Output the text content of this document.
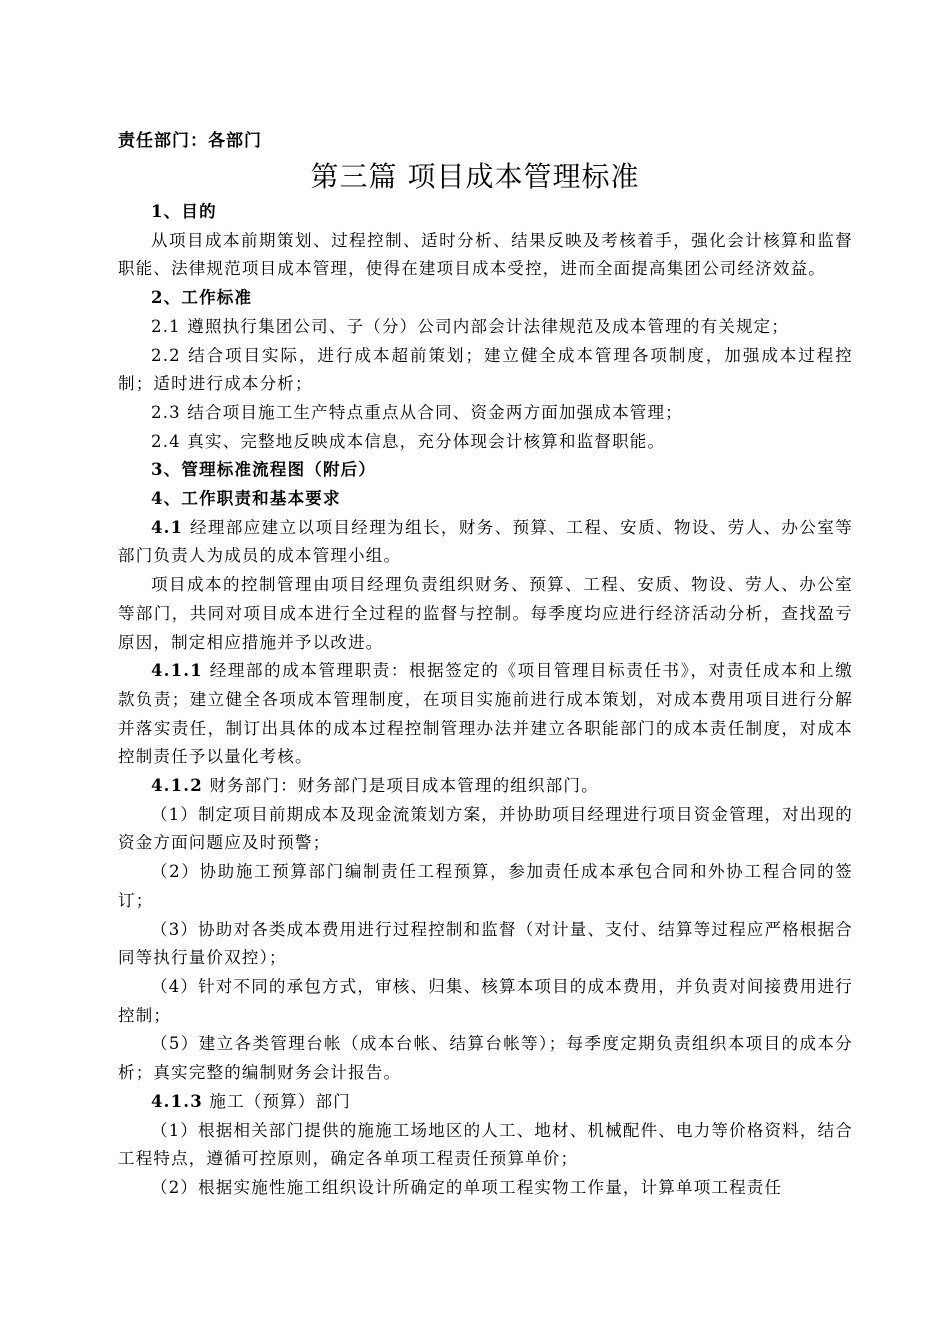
责任部门：各部门
第三篇 项目成本管理标准

1、目的

从项目成本前期策划、过程控制、适时分析、结果反映及考核着手，强化会计核算和监督职能、法律规范项目成本管理，使得在建项目成本受控，进而全面提高集团公司经济效益。

2、工作标准

2.1 遵照执行集团公司、子（分）公司内部会计法律规范及成本管理的有关规定；

2.2 结合项目实际，进行成本超前策划；建立健全成本管理各项制度，加强成本过程控制；适时进行成本分析；

2.3 结合项目施工生产特点重点从合同、资金两方面加强成本管理；

2.4 真实、完整地反映成本信息，充分体现会计核算和监督职能。

3、管理标准流程图（附后）

4、工作职责和基本要求

4.1 经理部应建立以项目经理为组长，财务、预算、工程、安质、物设、劳人、办公室等部门负责人为成员的成本管理小组。

项目成本的控制管理由项目经理负责组织财务、预算、工程、安质、物设、劳人、办公室等部门，共同对项目成本进行全过程的监督与控制。每季度均应进行经济活动分析，查找盈亏原因，制定相应措施并予以改进。

4.1.1 经理部的成本管理职责：根据签定的《项目管理目标责任书》，对责任成本和上缴款负责；建立健全各项成本管理制度，在项目实施前进行成本策划，对成本费用项目进行分解并落实责任，制订出具体的成本过程控制管理办法并建立各职能部门的成本责任制度，对成本控制责任予以量化考核。

4.1.2 财务部门：财务部门是项目成本管理的组织部门。

（1）制定项目前期成本及现金流策划方案，并协助项目经理进行项目资金管理，对出现的资金方面问题应及时预警；

（2）协助施工预算部门编制责任工程预算，参加责任成本承包合同和外协工程合同的签订；

（3）协助对各类成本费用进行过程控制和监督（对计量、支付、结算等过程应严格根据合同等执行量价双控）；

（4）针对不同的承包方式，审核、归集、核算本项目的成本费用，并负责对间接费用进行控制；

（5）建立各类管理台帐（成本台帐、结算台帐等）；每季度定期负责组织本项目的成本分析；真实完整的编制财务会计报告。

4.1.3 施工（预算）部门

（1）根据相关部门提供的施施工场地区的人工、地材、机械配件、电力等价格资料，结合工程特点，遵循可控原则，确定各单项工程责任预算单价；

（2）根据实施性施工组织设计所确定的单项工程实物工作量，计算单项工程责任
